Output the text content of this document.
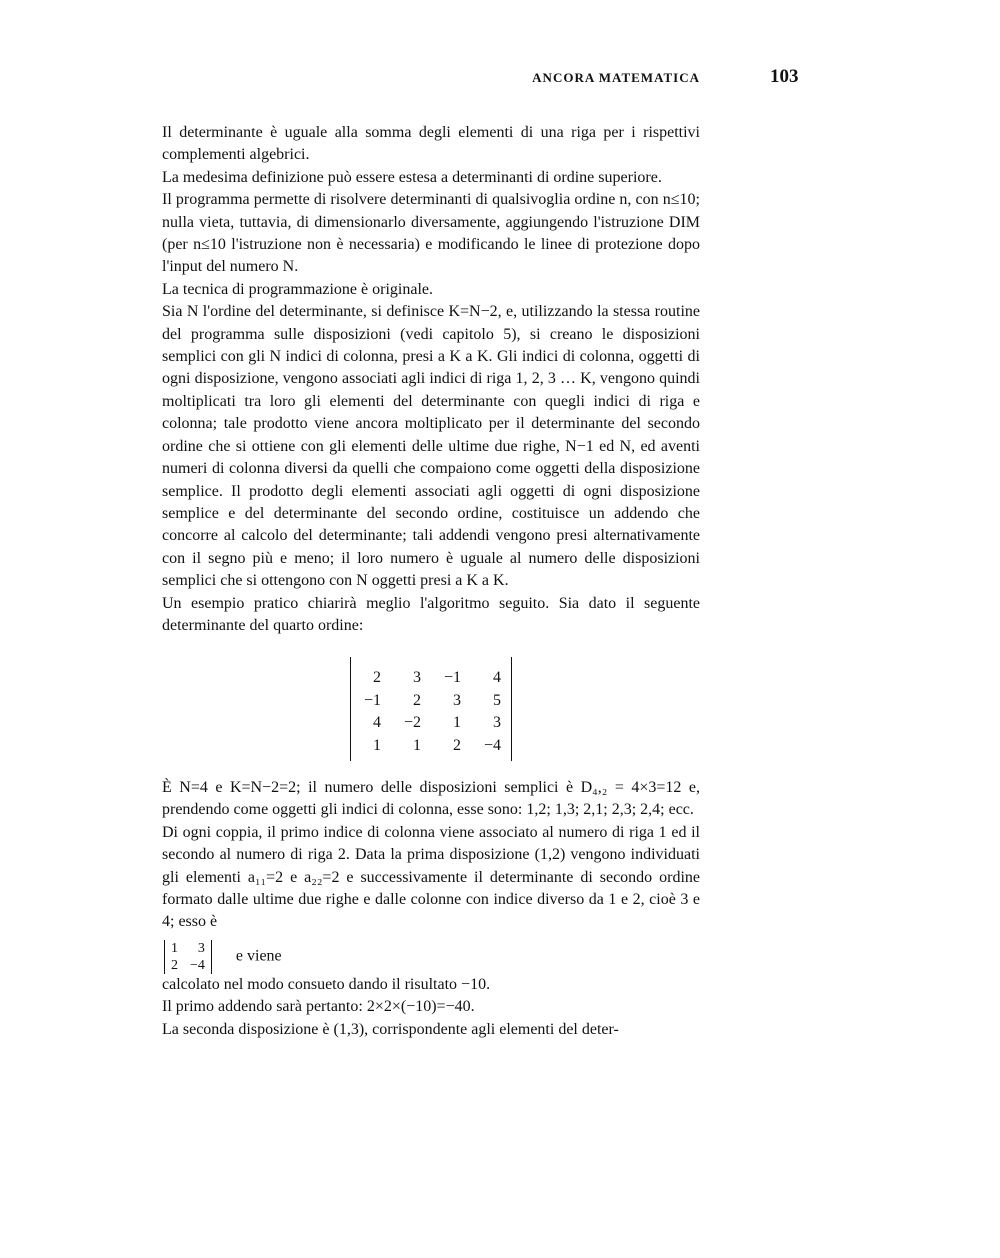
ANCORA MATEMATICA	103

Il determinante è uguale alla somma degli elementi di una riga per i rispettivi complementi algebrici.

La medesima definizione può essere estesa a determinanti di ordine superiore.

Il programma permette di risolvere determinanti di qualsivoglia ordine n, con n≤10; nulla vieta, tuttavia, di dimensionarlo diversamente, aggiungendo l'istruzione DIM (per n≤10 l'istruzione non è necessaria) e modificando le linee di protezione dopo l'input del numero N.

La tecnica di programmazione è originale.

Sia N l'ordine del determinante, si definisce K=N−2, e, utilizzando la stessa routine del programma sulle disposizioni (vedi capitolo 5), si creano le disposizioni semplici con gli N indici di colonna, presi a K a K. Gli indici di colonna, oggetti di ogni disposizione, vengono associati agli indici di riga 1, 2, 3 … K, vengono quindi moltiplicati tra loro gli elementi del determinante con quegli indici di riga e colonna; tale prodotto viene ancora moltiplicato per il determinante del secondo ordine che si ottiene con gli elementi delle ultime due righe, N−1 ed N, ed aventi numeri di colonna diversi da quelli che compaiono come oggetti della disposizione semplice. Il prodotto degli elementi associati agli oggetti di ogni disposizione semplice e del determinante del secondo ordine, costituisce un addendo che concorre al calcolo del determinante; tali addendi vengono presi alternativamente con il segno più e meno; il loro numero è uguale al numero delle disposizioni semplici che si ottengono con N oggetti presi a K a K.

Un esempio pratico chiarirà meglio l'algoritmo seguito. Sia dato il seguente determinante del quarto ordine:

2	3	−1	4
−1	2	3	5
4	−2	1	3
1	1	2	−4

È N=4 e K=N−2=2; il numero delle disposizioni semplici è D₄,₂ = 4×3=12 e, prendendo come oggetti gli indici di colonna, esse sono: 1,2; 1,3; 2,1; 2,3; 2,4; ecc.

Di ogni coppia, il primo indice di colonna viene associato al numero di riga 1 ed il secondo al numero di riga 2. Data la prima disposizione (1,2) vengono individuati gli elementi a₁₁=2 e a₂₂=2 e successivamente il determinante di secondo ordine formato dalle ultime due righe e dalle colonne con indice diverso da 1 e 2, cioè 3 e 4; esso è

1	3
2	−4e viene

calcolato nel modo consueto dando il risultato −10.

Il primo addendo sarà pertanto: 2×2×(−10)=−40.

La seconda disposizione è (1,3), corrispondente agli elementi del deter-
